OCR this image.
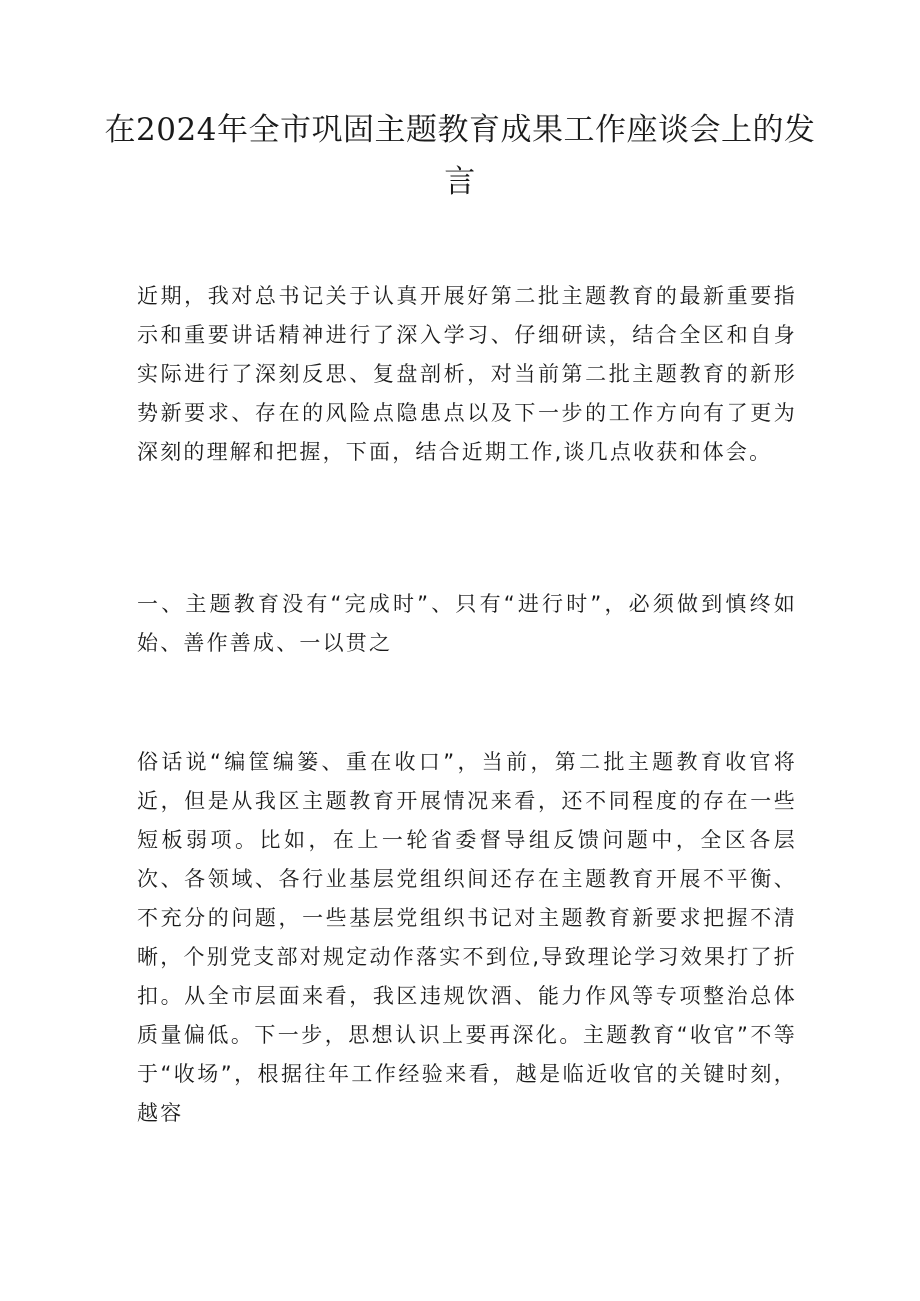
在2024年全市巩固主题教育成果工作座谈会上的发言

近期，我对总书记关于认真开展好第二批主题教育的最新重要指示和重要讲话精神进行了深入学习、仔细研读，结合全区和自身实际进行了深刻反思、复盘剖析，对当前第二批主题教育的新形势新要求、存在的风险点隐患点以及下一步的工作方向有了更为深刻的理解和把握，下面，结合近期工作,谈几点收获和体会。

一、主题教育没有“完成时”、只有“进行时”，必须做到慎终如始、善作善成、一以贯之

俗话说“编筐编篓、重在收口”，当前，第二批主题教育收官将近，但是从我区主题教育开展情况来看，还不同程度的存在一些短板弱项。比如，在上一轮省委督导组反馈问题中，全区各层次、各领域、各行业基层党组织间还存在主题教育开展不平衡、不充分的问题，一些基层党组织书记对主题教育新要求把握不清晰，个别党支部对规定动作落实不到位,导致理论学习效果打了折扣。从全市层面来看，我区违规饮酒、能力作风等专项整治总体质量偏低。下一步，思想认识上要再深化。主题教育“收官”不等于“收场”，根据往年工作经验来看，越是临近收官的关键时刻，越容
